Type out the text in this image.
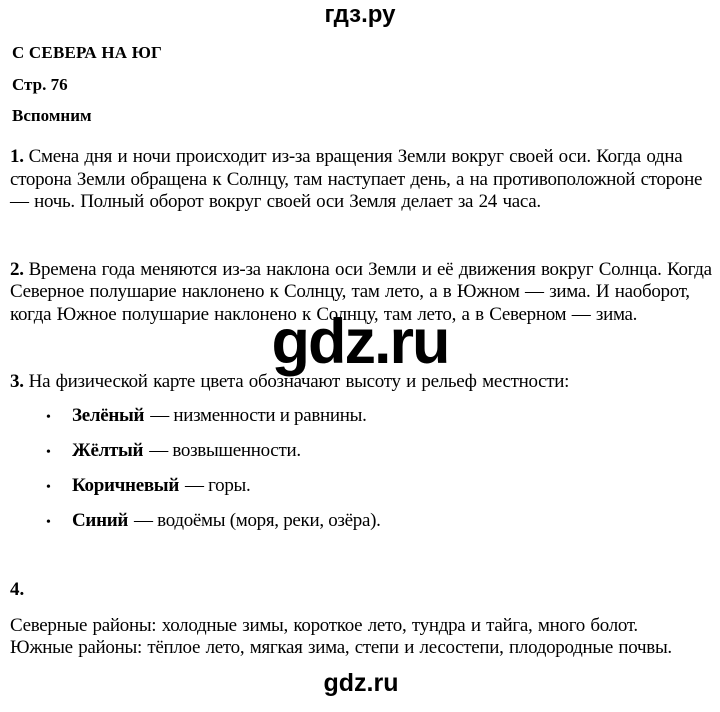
гдз.ру
С СЕВЕРА НА ЮГ
Стр. 76
Вспомним

1. Смена дня и ночи происходит из-за вращения Земли вокруг своей оси. Когда одна сторона Земли обращена к Солнцу, там наступает день, а на противоположной стороне — ночь. Полный оборот вокруг своей оси Земля делает за 24 часа.

2. Времена года меняются из-за наклона оси Земли и её движения вокруг Солнца. Когда Северное полушарие наклонено к Солнцу, там лето, а в Южном — зима. И наоборот, когда Южное полушарие наклонено к Солнцу, там лето, а в Северном — зима.

3. На физической карте цвета обозначают высоту и рельеф местности:

•	Зелёный — низменности и равнины.
•	Жёлтый — возвышенности.
•	Коричневый — горы.
•	Синий — водоёмы (моря, реки, озёра).
4.

Северные районы: холодные зимы, короткое лето, тундра и тайга, много болот.

Южные районы: тёплое лето, мягкая зима, степи и лесостепи, плодородные почвы.

gdz.ru
gdz.ru
